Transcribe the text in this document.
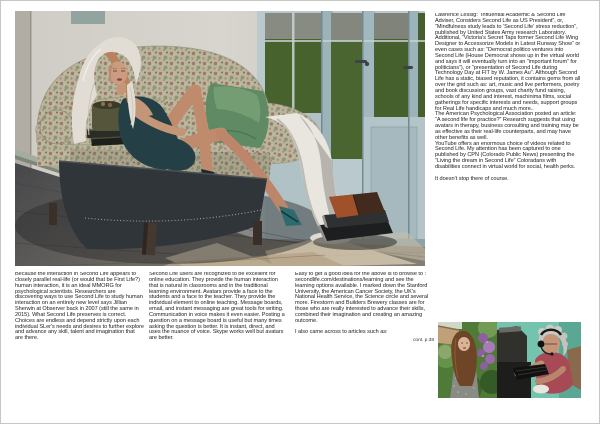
Lawrence Lessig: “Influential Academic & Second Life Adviser, Considers Second Life as US President”, or, “Mindfulness study leads to ‘Second Life’ stress reduction”, published by United States Army research Laboratory. Additional, “Victoria’s Secret Taps former Second Life Wing Designer to Accessorize Models in Latest Runway Show” or even cases such as: “Democrat politico ventures into Second Life (House Democrat shows up in the virtual world and says it will eventually turn into an “important forum” for politicians”), or “presentation of Second Life during Technology Day at FIT by W. James Au”. Although Second Life has a static, biased reputation, it contains gems from all over the grid such as: art, music and live performers, poetry and book discussion groups, vast charity fund raising, schools of any kind and interest, machinima films, social gatherings for specific interests and needs, support groups for Real Life handicaps and much more..

The American Psychological Association posted an article: “A second life for practice?” Research suggests that using avatars in therapy, business consulting and training may be as effective as their real-life counterparts, and may have other benefits as well.

YouTube offers an enormous choice of videos related to Second Life. My attention has been captured to one published by CPN (Colorado Public News) presenting the “Living the dream in Second Life” Coloradans with disabilities connect in virtual world for social, health perks.

It doesn’t stop there of course.

Because the interaction in Second Life appears to closely parallel real-life (or would that be First Life?) human interaction, it is an ideal MMORG for psychological scientists. Researchers are discovering ways to use Second Life to study human interaction on an entirely new level says Jillian Sherwin at Observer back in 2007 (still the same in 2015). What Second Life preserves is correct. Choices are endless and depend strictly upon each individual SLer's needs and desires to further explore and advance any skill, talent and imagination that are there.

Second Life users are recognized to be excellent for online education. They provide the human interaction that is natural in classrooms and in the traditional learning environment. Avatars provide a face to the students and a face to the teacher. They provide the individual element to online teaching. Message boards, email, and instant messaging are great tools for writing. Communication in voice makes it even easier. Posting a question on a message board is useful but many times asking the question is better. It is instant, direct, and uses the nuance of voice. Skype works well but avatars are better.

Easy to get a good idea for the above is to browse to : secondlife.com/destinations/learning and see the learning options available. I marked down the Stanford University, the American Cancer Society, the UK's National Health Service, the Science circle and several more. Firestorm and Builders Brewery classes are for those who are really interested to advance their skills, combined their imagination and creating an amazing outcome.

I also came across to articles such as:

cont. p.38
